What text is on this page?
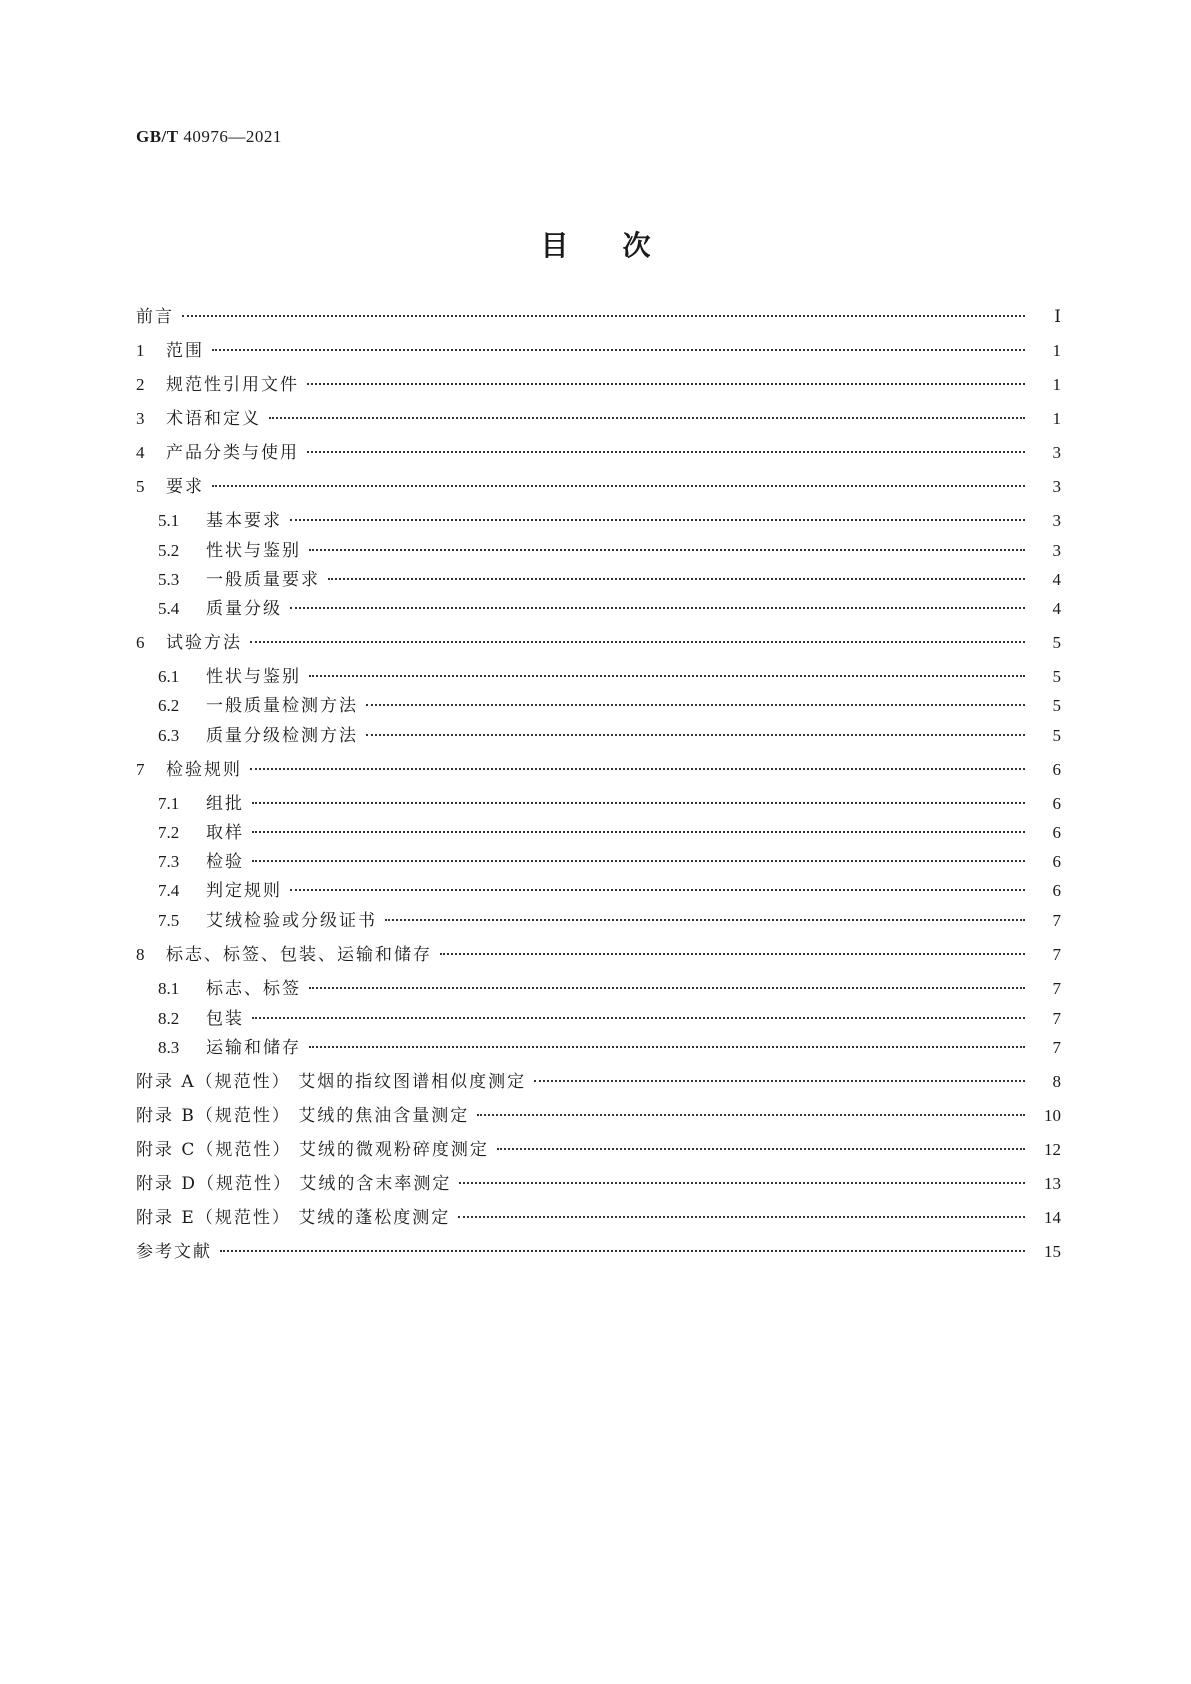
GB/T 40976—2021
目次
前言	Ⅰ
1	范围	1
2	规范性引用文件	1
3	术语和定义	1
4	产品分类与使用	3
5	要求	3
5.1	基本要求	3
5.2	性状与鉴别	3
5.3	一般质量要求	4
5.4	质量分级	4
6	试验方法	5
6.1	性状与鉴别	5
6.2	一般质量检测方法	5
6.3	质量分级检测方法	5
7	检验规则	6
7.1	组批	6
7.2	取样	6
7.3	检验	6
7.4	判定规则	6
7.5	艾绒检验或分级证书	7
8	标志、标签、包装、运输和储存	7
8.1	标志、标签	7
8.2	包装	7
8.3	运输和储存	7
附录 A（规范性） 艾烟的指纹图谱相似度测定	8
附录 B（规范性） 艾绒的焦油含量测定	10
附录 C（规范性） 艾绒的微观粉碎度测定	12
附录 D（规范性） 艾绒的含末率测定	13
附录 E（规范性） 艾绒的蓬松度测定	14
参考文献	15
